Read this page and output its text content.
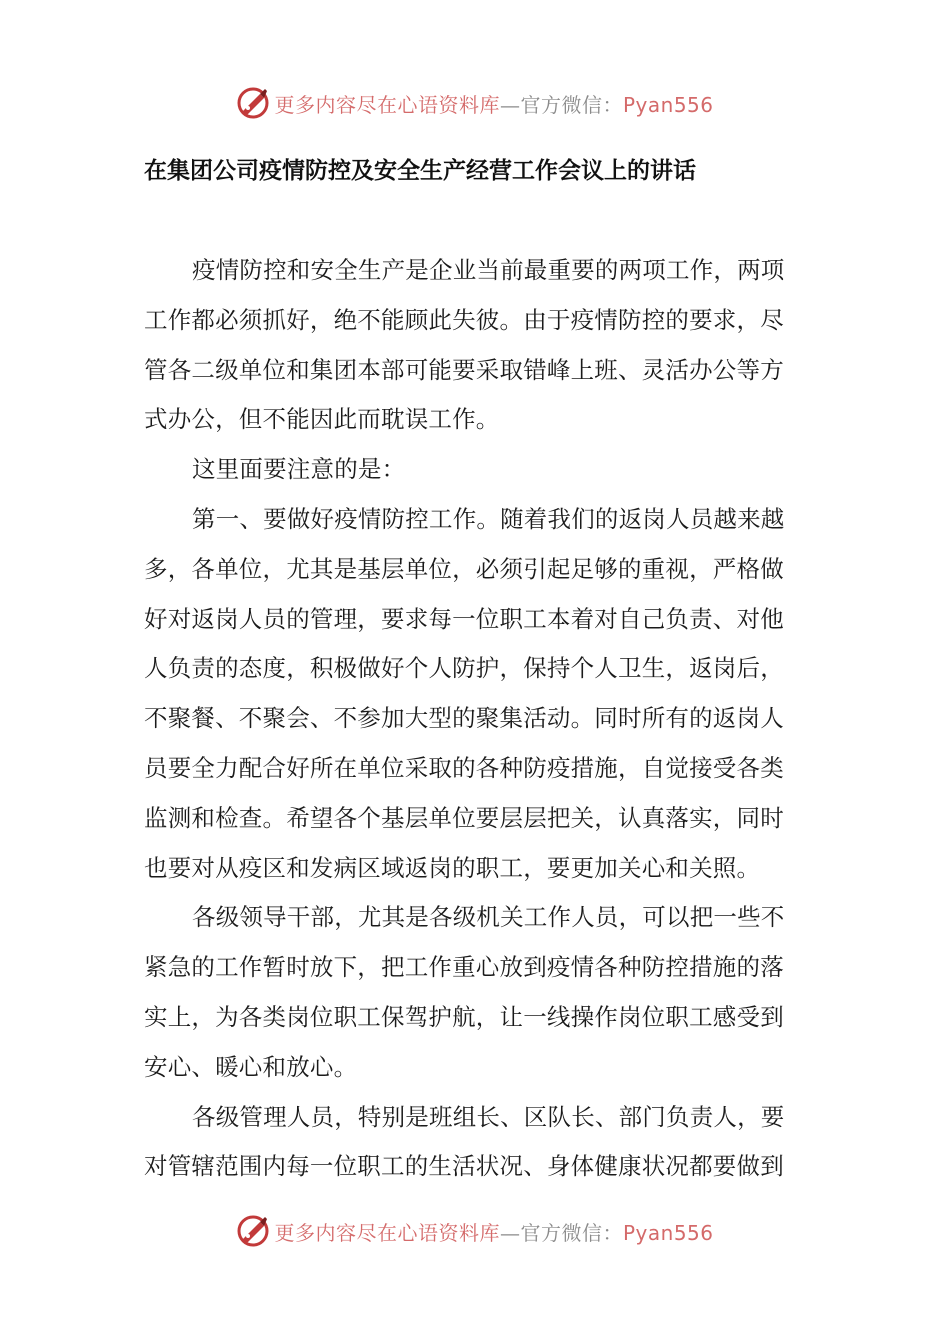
更多内容尽在心语资料库—官方微信：Pyan556
在集团公司疫情防控及安全生产经营工作会议上的讲话
疫情防控和安全生产是企业当前最重要的两项工作，两项
工作都必须抓好，绝不能顾此失彼。由于疫情防控的要求，尽
管各二级单位和集团本部可能要采取错峰上班、灵活办公等方
式办公，但不能因此而耽误工作。
这里面要注意的是：
第一、要做好疫情防控工作。随着我们的返岗人员越来越
多，各单位，尤其是基层单位，必须引起足够的重视，严格做
好对返岗人员的管理，要求每一位职工本着对自己负责、对他
人负责的态度，积极做好个人防护，保持个人卫生，返岗后，
不聚餐、不聚会、不参加大型的聚集活动。同时所有的返岗人
员要全力配合好所在单位采取的各种防疫措施，自觉接受各类
监测和检查。希望各个基层单位要层层把关，认真落实，同时
也要对从疫区和发病区域返岗的职工，要更加关心和关照。
各级领导干部，尤其是各级机关工作人员，可以把一些不
紧急的工作暂时放下，把工作重心放到疫情各种防控措施的落
实上，为各类岗位职工保驾护航，让一线操作岗位职工感受到
安心、暖心和放心。
各级管理人员，特别是班组长、区队长、部门负责人，要
对管辖范围内每一位职工的生活状况、身体健康状况都要做到
更多内容尽在心语资料库—官方微信：Pyan556
